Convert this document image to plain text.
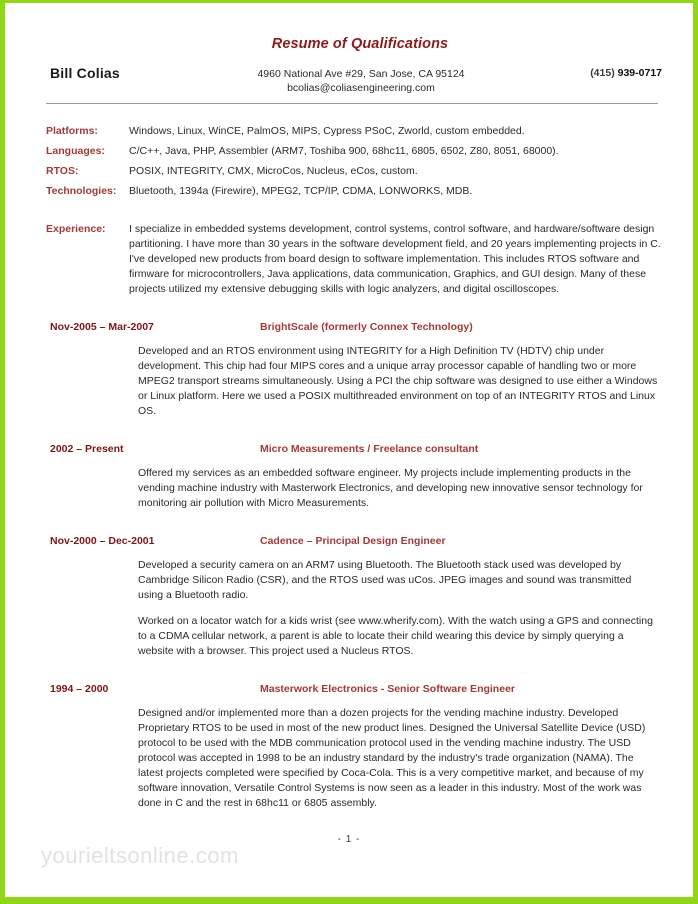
Resume of Qualifications
Bill Colias	4960 National Ave #29, San Jose, CA 95124
bcolias@coliasengineering.com
(415) 939-0717
Platforms:	Windows, Linux, WinCE, PalmOS, MIPS, Cypress PSoC, Zworld, custom embedded.
Languages:	C/C++, Java, PHP, Assembler (ARM7, Toshiba 900, 68hc11, 6805, 6502, Z80, 8051, 68000).
RTOS:	POSIX, INTEGRITY, CMX, MicroCos, Nucleus, eCos, custom.
Technologies:	Bluetooth, 1394a (Firewire), MPEG2, TCP/IP, CDMA, LONWORKS, MDB.
Experience:	I specialize in embedded systems development, control systems, control software, and hardware/software design partitioning. I have more than 30 years in the software development field, and 20 years implementing projects in C. I've developed new products from board design to software implementation. This includes RTOS software and firmware for microcontrollers, Java applications, data communication, Graphics, and GUI design. Many of these projects utilized my extensive debugging skills with logic analyzers, and digital oscilloscopes.
Nov-2005 – Mar-2007	BrightScale (formerly Connex Technology)

Developed and an RTOS environment using INTEGRITY for a High Definition TV (HDTV) chip under development. This chip had four MIPS cores and a unique array processor capable of handling two or more MPEG2 transport streams simultaneously. Using a PCI the chip software was designed to use either a Windows or Linux platform. Here we used a POSIX multithreaded environment on top of an INTEGRITY RTOS and Linux OS.

2002 – Present	Micro Measurements / Freelance consultant

Offered my services as an embedded software engineer. My projects include implementing products in the vending machine industry with Masterwork Electronics, and developing new innovative sensor technology for monitoring air pollution with Micro Measurements.

Nov-2000 – Dec-2001	Cadence – Principal Design Engineer

Developed a security camera on an ARM7 using Bluetooth. The Bluetooth stack used was developed by Cambridge Silicon Radio (CSR), and the RTOS used was uCos. JPEG images and sound was transmitted using a Bluetooth radio.

Worked on a locator watch for a kids wrist (see www.wherify.com). With the watch using a GPS and connecting to a CDMA cellular network, a parent is able to locate their child wearing this device by simply querying a website with a browser. This project used a Nucleus RTOS.

1994 – 2000	Masterwork Electronics - Senior Software Engineer

Designed and/or implemented more than a dozen projects for the vending machine industry. Developed Proprietary RTOS to be used in most of the new product lines. Designed the Universal Satellite Device (USD) protocol to be used with the MDB communication protocol used in the vending machine industry. The USD protocol was accepted in 1998 to be an industry standard by the industry's trade organization (NAMA). The latest projects completed were specified by Coca-Cola. This is a very competitive market, and because of my software innovation, Versatile Control Systems is now seen as a leader in this industry. Most of the work was done in C and the rest in 68hc11 or 6805 assembly.

- 1 -
yourieltsonline.com
